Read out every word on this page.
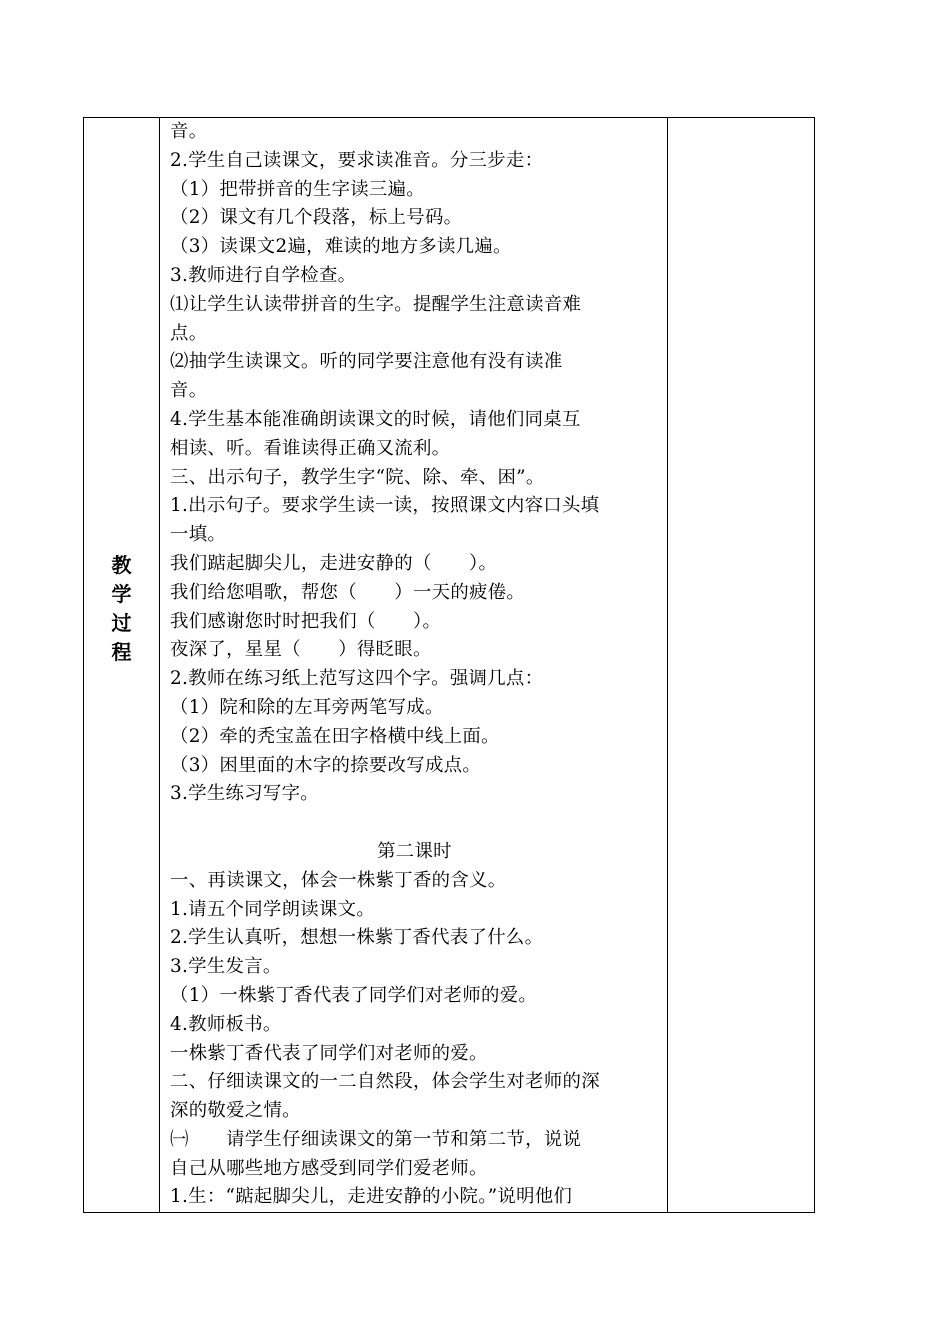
教
学
过
程

音。
2.学生自己读课文，要求读准音。分三步走：
（1）把带拼音的生字读三遍。
（2）课文有几个段落，标上号码。
（3）读课文2遍，难读的地方多读几遍。
3.教师进行自学检查。
⑴让学生认读带拼音的生字。提醒学生注意读音难
点。
⑵抽学生读课文。听的同学要注意他有没有读准
音。
4.学生基本能准确朗读课文的时候，请他们同桌互
相读、听。看谁读得正确又流利。
三、出示句子，教学生字“院、除、牵、困”。
1.出示句子。要求学生读一读，按照课文内容口头填
一填。
我们踮起脚尖儿，走进安静的（　　）。
我们给您唱歌，帮您（　　）一天的疲倦。
我们感谢您时时把我们（　　）。
夜深了，星星（　　）得眨眼。
2.教师在练习纸上范写这四个字。强调几点：
（1）院和除的左耳旁两笔写成。
（2）牵的秃宝盖在田字格横中线上面。
（3）困里面的木字的捺要改写成点。
3.学生练习写字。
第二课时
一、再读课文，体会一株紫丁香的含义。
1.请五个同学朗读课文。
2.学生认真听，想想一株紫丁香代表了什么。
3.学生发言。
（1）一株紫丁香代表了同学们对老师的爱。
4.教师板书。
一株紫丁香代表了同学们对老师的爱。
二、仔细读课文的一二自然段，体会学生对老师的深
深的敬爱之情。
㈠　　请学生仔细读课文的第一节和第二节，说说
自己从哪些地方感受到同学们爱老师。
1.生：“踮起脚尖儿，走进安静的小院。”说明他们
